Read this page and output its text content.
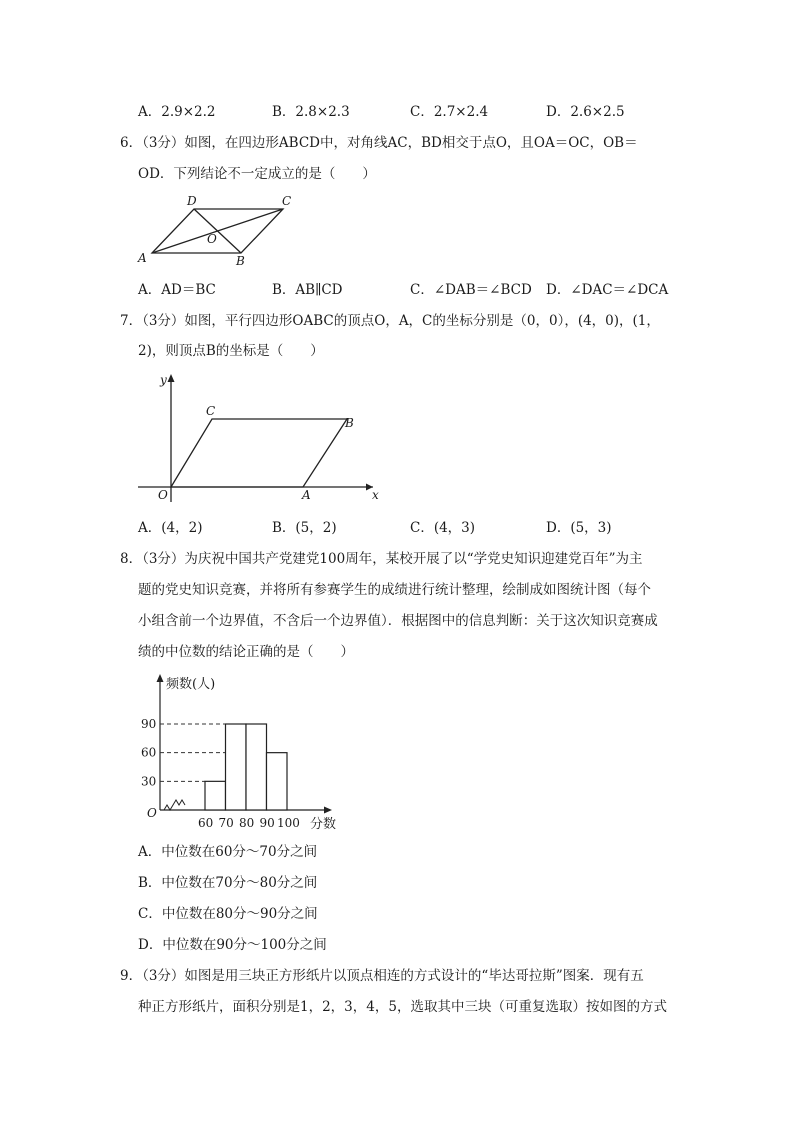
A．2.9×2.2	B．2.8×2.3	C．2.7×2.4	D．2.6×2.5
6．（3分）如图，在四边形ABCD中，对角线AC，BD相交于点O，且OA＝OC，OB＝
OD．下列结论不一定成立的是（　　）
A	B
C
D
O
A．AD＝BC	B．AB∥CD	C．∠DAB＝∠BCD D．∠DAC＝∠DCA
7．（3分）如图，平行四边形OABC的顶点O，A，C的坐标分别是（0，0），(4，0)，(1，
2)，则顶点B的坐标是（　　）
y
x
O	A
B
C
A．(4，2)	B．(5，2)	C．(4，3)	D．(5，3)
8．（3分）为庆祝中国共产党建党100周年，某校开展了以“学党史知识迎建党百年”为主
题的党史知识竞赛，并将所有参赛学生的成绩进行统计整理，绘制成如图统计图（每个
小组含前一个边界值，不含后一个边界值）．根据图中的信息判断：关于这次知识竞赛成
绩的中位数的结论正确的是（　　）
30
60
90
60 70 80 90 100
频数(人)
分数
O
A．中位数在60分～70分之间
B．中位数在70分～80分之间
C．中位数在80分～90分之间
D．中位数在90分～100分之间
9．（3分）如图是用三块正方形纸片以顶点相连的方式设计的“毕达哥拉斯”图案．现有五
种正方形纸片，面积分别是1，2，3，4，5，选取其中三块（可重复选取）按如图的方式
